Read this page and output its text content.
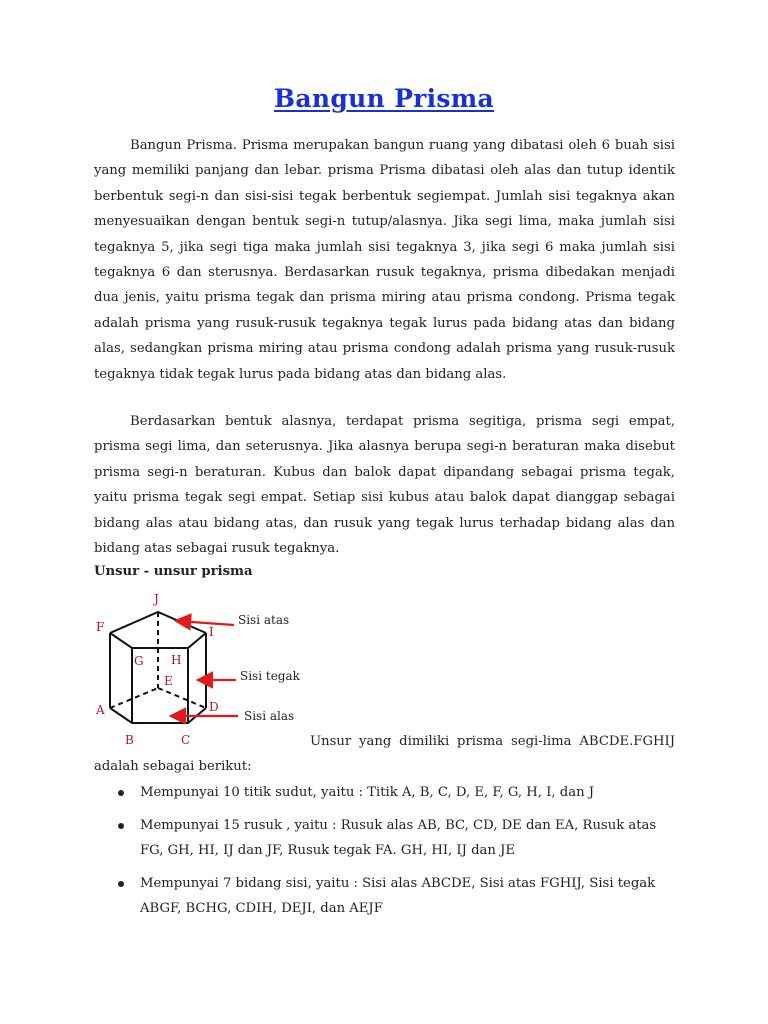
Bangun Prisma

Bangun Prisma. Prisma merupakan bangun ruang yang dibatasi oleh 6 buah sisi yang memiliki panjang dan lebar. prisma Prisma dibatasi oleh alas dan tutup identik berbentuk segi-n dan sisi-sisi tegak berbentuk segiempat. Jumlah sisi tegaknya akan menyesuaikan dengan bentuk segi-n tutup/alasnya. Jika segi lima, maka jumlah sisi tegaknya 5, jika segi tiga maka jumlah sisi tegaknya 3, jika segi 6 maka jumlah sisi tegaknya 6 dan sterusnya. Berdasarkan rusuk tegaknya, prisma dibedakan menjadi dua jenis, yaitu prisma tegak dan prisma miring atau prisma condong. Prisma tegak adalah prisma yang rusuk-rusuk tegaknya tegak lurus pada bidang atas dan bidang alas, sedangkan prisma miring atau prisma condong adalah prisma yang rusuk-rusuk tegaknya tidak tegak lurus pada bidang atas dan bidang alas.

Berdasarkan bentuk alasnya, terdapat prisma segitiga, prisma segi empat, prisma segi lima, dan seterusnya. Jika alasnya berupa segi-n beraturan maka disebut prisma segi-n beraturan. Kubus dan balok dapat dipandang sebagai prisma tegak, yaitu prisma tegak segi empat. Setiap sisi kubus atau balok dapat dianggap sebagai bidang alas atau bidang atas, dan rusuk yang tegak lurus terhadap bidang alas dan bidang atas sebagai rusuk tegaknya.

Unsur - unsur prisma

J
F	I
G H
E
A	D
B	C
Sisi atas
Sisi tegak
Sisi alas

Unsur yang dimiliki prisma segi-lima ABCDE.FGHIJ adalah sebagai berikut:

Mempunyai 10 titik sudut, yaitu : Titik A, B, C, D, E, F, G, H, I, dan J
Mempunyai 15 rusuk , yaitu : Rusuk alas AB, BC, CD, DE dan EA, Rusuk atas FG, GH, HI, IJ dan JF, Rusuk tegak FA. GH, HI, IJ dan JE
Mempunyai 7 bidang sisi, yaitu : Sisi alas ABCDE, Sisi atas FGHIJ, Sisi tegak ABGF, BCHG, CDIH, DEJI, dan AEJF
